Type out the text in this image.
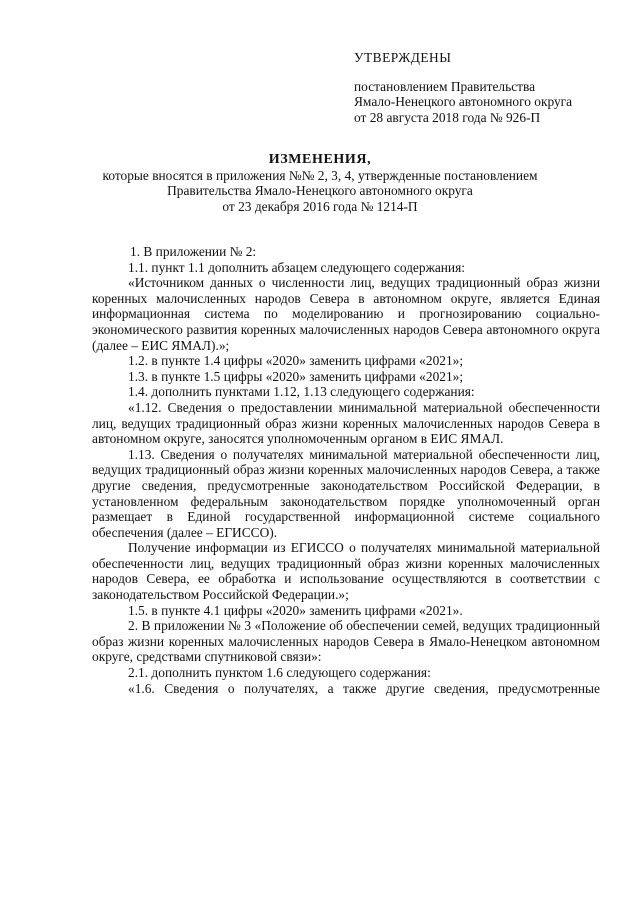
УТВЕРЖДЕНЫ
постановлением Правительства
Ямало-Ненецкого автономного округа
от 28 августа 2018 года № 926-П
ИЗМЕНЕНИЯ,
которые вносятся в приложения №№ 2, 3, 4, утвержденные постановлением
Правительства Ямало-Ненецкого автономного округа
от 23 декабря 2016 года № 1214-П

1. В приложении № 2:

1.1. пункт 1.1 дополнить абзацем следующего содержания:

«Источником данных о численности лиц, ведущих традиционный образ жизни коренных малочисленных народов Севера в автономном округе, является Единая информационная система по моделированию и прогнозированию социально-экономического развития коренных малочисленных народов Севера автономного округа (далее – ЕИС ЯМАЛ).»;

1.2. в пункте 1.4 цифры «2020» заменить цифрами «2021»;

1.3. в пункте 1.5 цифры «2020» заменить цифрами «2021»;

1.4. дополнить пунктами 1.12, 1.13 следующего содержания:

«1.12. Сведения о предоставлении минимальной материальной обеспеченности лиц, ведущих традиционный образ жизни коренных малочисленных народов Севера в автономном округе, заносятся уполномоченным органом в ЕИС ЯМАЛ.

1.13. Сведения о получателях минимальной материальной обеспеченности лиц, ведущих традиционный образ жизни коренных малочисленных народов Севера, а также другие сведения, предусмотренные законодательством Российской Федерации, в установленном федеральным законодательством порядке уполномоченный орган размещает в Единой государственной информационной системе социального обеспечения (далее – ЕГИССО).

Получение информации из ЕГИССО о получателях минимальной материальной обеспеченности лиц, ведущих традиционный образ жизни коренных малочисленных народов Севера, ее обработка и использование осуществляются в соответствии с законодательством Российской Федерации.»;

1.5. в пункте 4.1 цифры «2020» заменить цифрами «2021».

2. В приложении № 3 «Положение об обеспечении семей, ведущих традиционный образ жизни коренных малочисленных народов Севера в Ямало-Ненецком автономном округе, средствами спутниковой связи»:

2.1. дополнить пунктом 1.6 следующего содержания:

«1.6. Сведения о получателях, а также другие сведения, предусмотренные
